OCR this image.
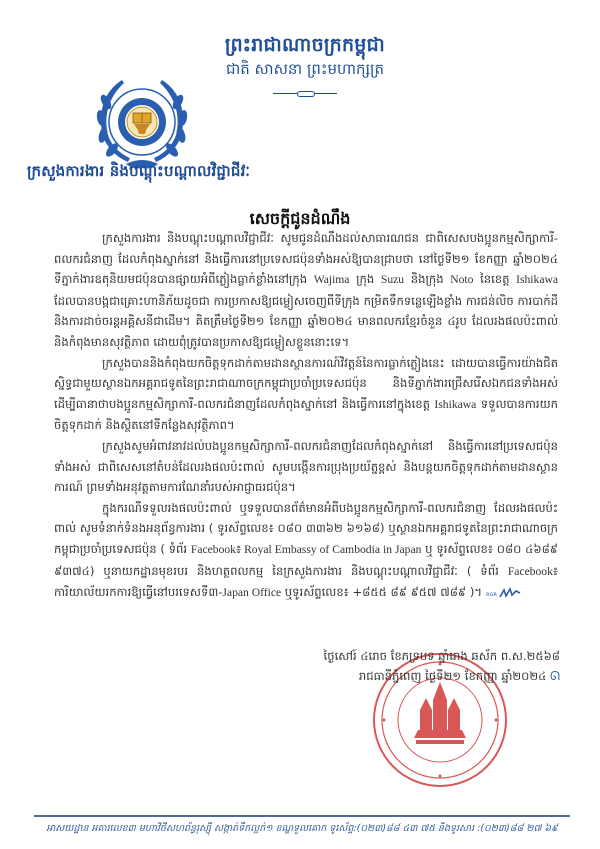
ព្រះរាជាណាចក្រកម្ពុជា
ជាតិ សាសនា ព្រះមហាក្សត្រ
ក្រសួងការងារ និងបណ្តុះបណ្តាលវិជ្ជាជីវៈ
សេចក្តីជូនដំណឹង

ក្រសួងការងារ និងបណ្តុះបណ្តាលវិជ្ជាជីវៈ សូមជូនដំណឹងដល់សាធារណជន ជាពិសេសបងប្អូនកម្មសិក្សាការី-ពលករជំនាញ ដែលកំពុងស្នាក់នៅ និងធ្វើការនៅប្រទេសជប៉ុនទាំងអស់ឱ្យបានជ្រាបថា នៅថ្ងៃទី២១ ខែកញ្ញា ឆ្នាំ២០២៤ ទីភ្នាក់ងារឧតុនិយមជប៉ុនបានផ្សាយអំពីភ្លៀងធ្លាក់ខ្លាំងនៅក្រុង Wajima ក្រុង Suzu និងក្រុង Noto នៃខេត្ត Ishikawa ដែលបានបង្កជាគ្រោះហានិភ័យដូចជា ការប្រកាសឱ្យជម្លៀសចេញពីទីក្រុង កម្រិតទឹកទន្លេឡើងខ្លាំង ការជន់លិច ការបាក់ដី និងការដាច់ចរន្តអគ្គិសនីជាដើម។ គិតត្រឹមថ្ងៃទី២១ ខែកញ្ញា ឆ្នាំ២០២៤ មានពលករខ្មែរចំនួន ៤រូប ដែលរងផលប៉ះពាល់ និងកំពុងមានសុវត្ថិភាព ដោយពុំត្រូវបានប្រកាសឱ្យជម្លៀសខ្លួននោះទេ។

ក្រសួងបាននិងកំពុងយកចិត្តទុកដាក់តាមដានស្ថានការណ៍វិវត្តន៍នៃការធ្លាក់ភ្លៀងនេះ ដោយបានធ្វើការយ៉ាងជិតស្និទ្ធជាមួយស្ថានឯកអគ្គរាជទូតនៃព្រះរាជាណាចក្រកម្ពុជាប្រចាំប្រទេសជប៉ុន និងទីភ្នាក់ងារជ្រើសរើសឯកជនទាំងអស់ ដើម្បីធានាថាបងប្អូនកម្មសិក្សាការី-ពលករជំនាញដែលកំពុងស្នាក់នៅ និងធ្វើការនៅក្នុងខេត្ត Ishikawa ទទួលបានការយកចិត្តទុកដាក់ និងស្ថិតនៅទីកន្លែងសុវត្ថិភាព។

ក្រសួងសូមអំពាវនាវដល់បងប្អូនកម្មសិក្សាការី-ពលករជំនាញដែលកំពុងស្នាក់នៅ និងធ្វើការនៅប្រទេសជប៉ុនទាំងអស់ ជាពិសេសនៅតំបន់ដែលរងផលប៉ះពាល់ សូមបង្កើនការប្រុងប្រយ័ត្នខ្ពស់ និងបន្តយកចិត្តទុកដាក់តាមដានស្ថានការណ៍ ព្រមទាំងអនុវត្តតាមការណែនាំរបស់អាជ្ញាធរជប៉ុន។

ក្នុងករណីទទួលរងផលប៉ះពាល់ ឬទទួលបានព័ត៌មានអំពីបងប្អូនកម្មសិក្សាការី-ពលករជំនាញ ដែលរងផលប៉ះពាល់ សូមទំនាក់ទំនងអនុព័ន្ធការងារ ( ទូរស័ព្ទលេខ៖ ០៨០ ៣៣៦២ ៦១៦៨) ឬស្ថានឯកអគ្គរាជទូតនៃព្រះរាជាណាចក្រកម្ពុជាប្រចាំប្រទេសជប៉ុន ( ទំព័រ Facebook៖ Royal Embassy of Cambodia in Japan ឬ ទូរស័ព្ទលេខ៖ ០៨០ ៤៦៨៩ ៩៣៧៤) ឬនាយកដ្ឋានមុខរបរ និងហត្ថពលកម្ម នៃក្រសួងការងារ និងបណ្តុះបណ្តាលវិជ្ជាជីវៈ ( ទំព័រ Facebook៖ ការិយាល័យរកការឱ្យធ្វើនៅបរទេសទី៣-Japan Office ឬទូរស័ព្ទលេខ៖ +៨៥៥ ៨៩ ៩៥៧ ៧៨៩ )។ ʀɢʀ

ថ្ងៃសៅរ៍ ៤រោច ខែភទ្របទ ឆ្នាំរោង ឆស័ក ព.ស.២៥៦៨
រាជធានីភ្នំពេញ ថ្ងៃទី២១ ខែកញ្ញា ឆ្នាំ២០២៤ ᘏ
អាសយដ្ឋាន អគារលេខ៣ មហាវិថីសហព័ន្ធរុស្ស៊ី សង្កាត់ទឹកល្អក់១ ខណ្ឌទួលគោក ទូរស័ព្ទ:(០២៣)៨៨ ៤៣ ៧៥ និងទូរសារ :(០២៣)៨៨ ២៧ ៦៩
